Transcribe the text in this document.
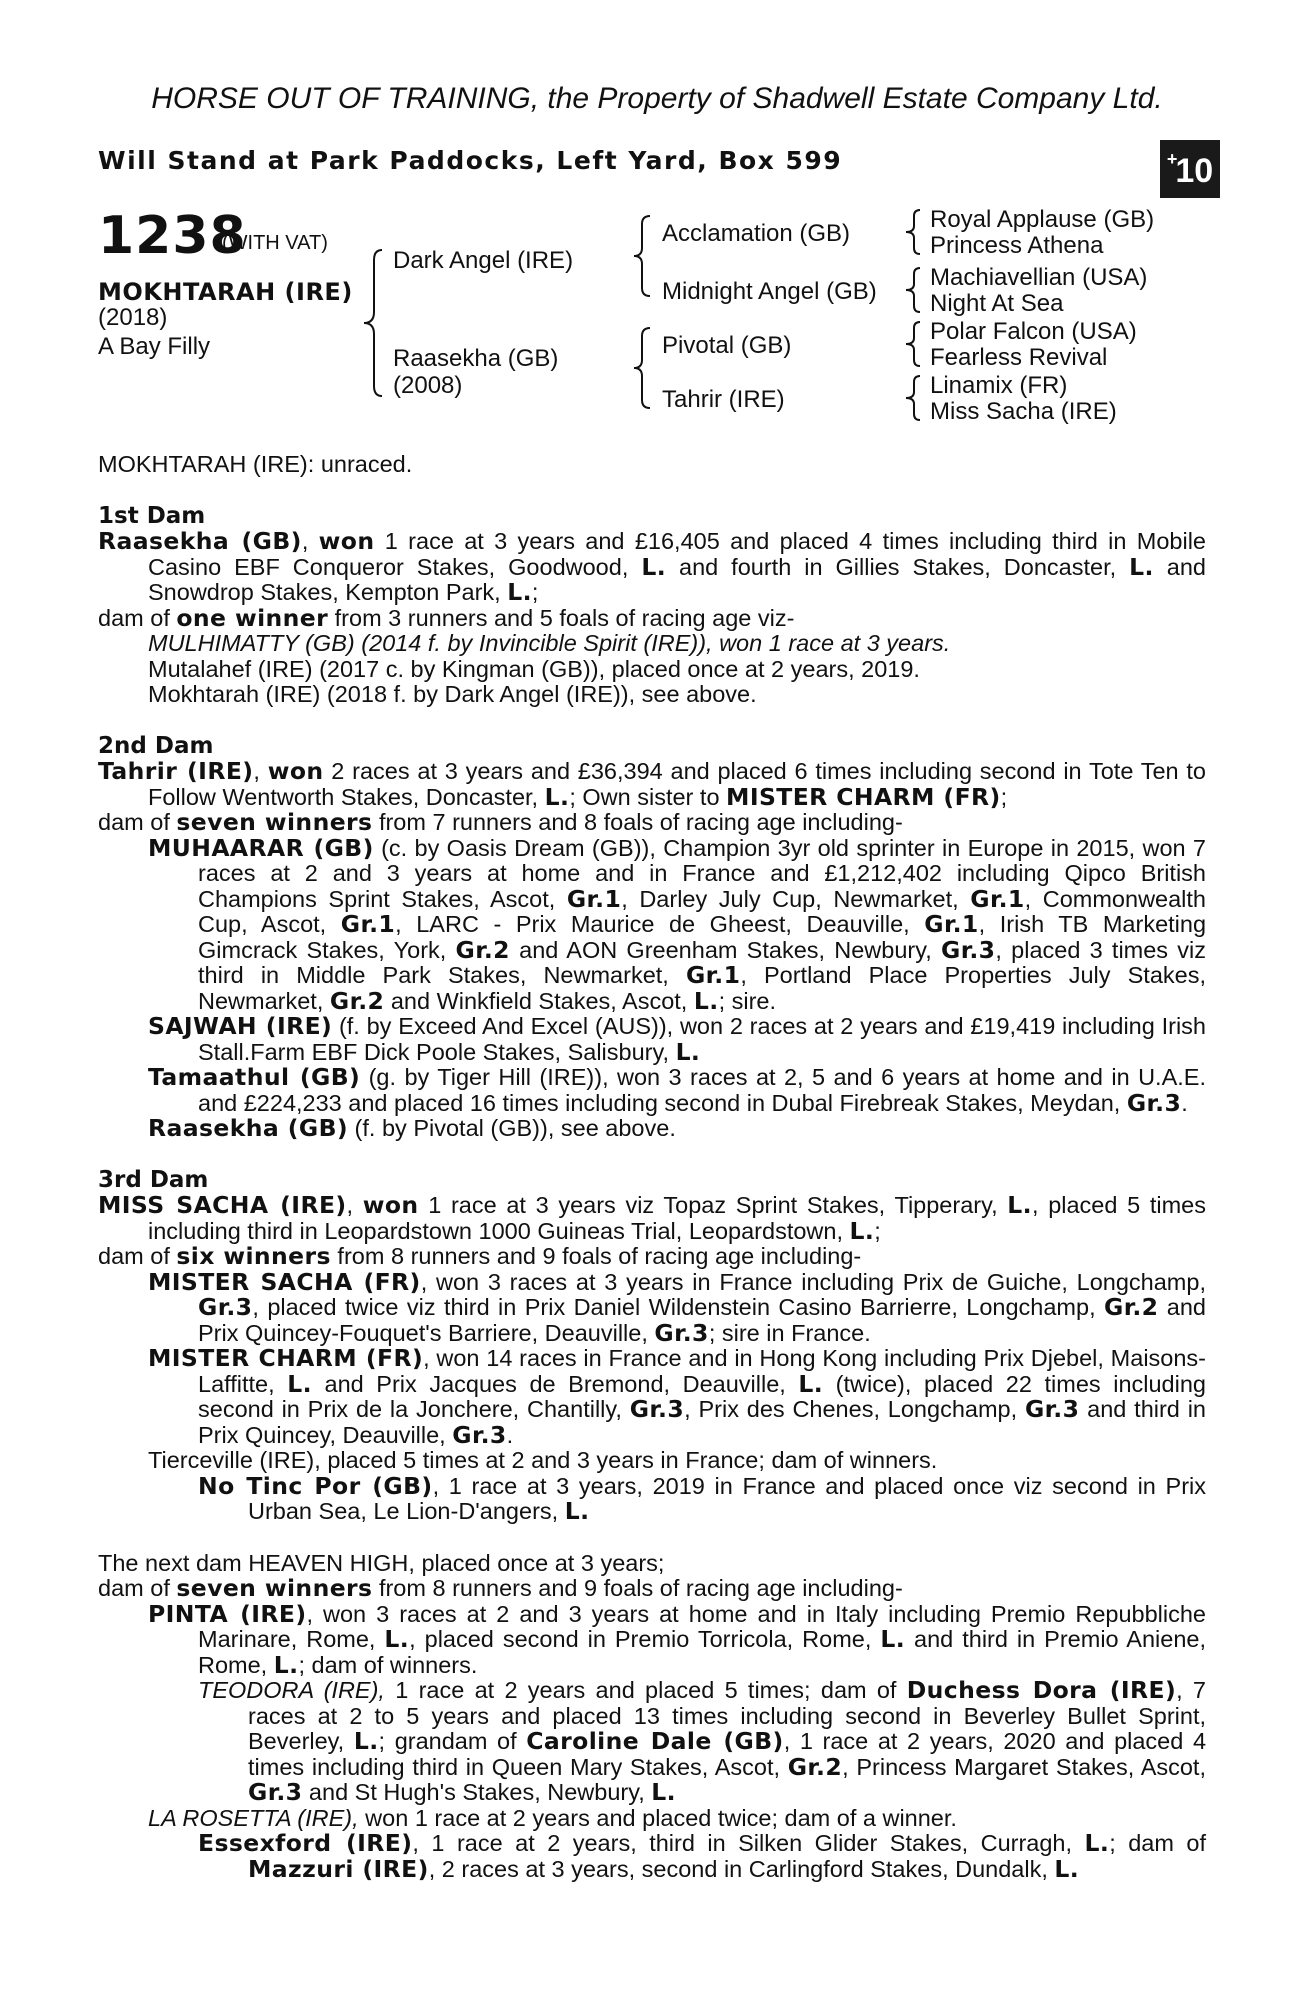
HORSE OUT OF TRAINING, the Property of Shadwell Estate Company Ltd.
Will Stand at Park Paddocks, Left Yard, Box 599	+
10
1238
(WITH VAT)
MOKHTARAH (IRE)
(2018)
A Bay Filly
Dark Angel (IRE)
Raasekha (GB)
(2008)
Acclamation (GB)
Midnight Angel (GB)
Pivotal (GB)
Tahrir (IRE)
Royal Applause (GB)
Princess Athena
Machiavellian (USA)
Night At Sea
Polar Falcon (USA)
Fearless Revival
Linamix (FR)
Miss Sacha (IRE)

MOKHTARAH (IRE): unraced.

1st Dam

Raasekha (GB), won 1 race at 3 years and £16,405 and placed 4 times including third in Mobile Casino EBF Conqueror Stakes, Goodwood, L. and fourth in Gillies Stakes, Doncaster, L. and Snowdrop Stakes, Kempton Park, L.;

dam of one winner from 3 runners and 5 foals of racing age viz-

MULHIMATTY (GB) (2014 f. by Invincible Spirit (IRE)), won 1 race at 3 years.

Mutalahef (IRE) (2017 c. by Kingman (GB)), placed once at 2 years, 2019.

Mokhtarah (IRE) (2018 f. by Dark Angel (IRE)), see above.

2nd Dam

Tahrir (IRE), won 2 races at 3 years and £36,394 and placed 6 times including second in Tote Ten to Follow Wentworth Stakes, Doncaster, L.; Own sister to MISTER CHARM (FR);

dam of seven winners from 7 runners and 8 foals of racing age including-

MUHAARAR (GB) (c. by Oasis Dream (GB)), Champion 3yr old sprinter in Europe in 2015, won 7 races at 2 and 3 years at home and in France and £1,212,402 including Qipco British Champions Sprint Stakes, Ascot, Gr.1, Darley July Cup, Newmarket, Gr.1, Commonwealth Cup, Ascot, Gr.1, LARC - Prix Maurice de Gheest, Deauville, Gr.1, Irish TB Marketing Gimcrack Stakes, York, Gr.2 and AON Greenham Stakes, Newbury, Gr.3, placed 3 times viz third in Middle Park Stakes, Newmarket, Gr.1, Portland Place Properties July Stakes, Newmarket, Gr.2 and Winkfield Stakes, Ascot, L.; sire.

SAJWAH (IRE) (f. by Exceed And Excel (AUS)), won 2 races at 2 years and £19,419 including Irish Stall.Farm EBF Dick Poole Stakes, Salisbury, L.

Tamaathul (GB) (g. by Tiger Hill (IRE)), won 3 races at 2, 5 and 6 years at home and in U.A.E. and £224,233 and placed 16 times including second in Dubal Firebreak Stakes, Meydan, Gr.3.

Raasekha (GB) (f. by Pivotal (GB)), see above.

3rd Dam

MISS SACHA (IRE), won 1 race at 3 years viz Topaz Sprint Stakes, Tipperary, L., placed 5 times including third in Leopardstown 1000 Guineas Trial, Leopardstown, L.;

dam of six winners from 8 runners and 9 foals of racing age including-

MISTER SACHA (FR), won 3 races at 3 years in France including Prix de Guiche, Longchamp, Gr.3, placed twice viz third in Prix Daniel Wildenstein Casino Barrierre, Longchamp, Gr.2 and Prix Quincey-Fouquet's Barriere, Deauville, Gr.3; sire in France.

MISTER CHARM (FR), won 14 races in France and in Hong Kong including Prix Djebel, Maisons-Laffitte, L. and Prix Jacques de Bremond, Deauville, L. (twice), placed 22 times including second in Prix de la Jonchere, Chantilly, Gr.3, Prix des Chenes, Longchamp, Gr.3 and third in Prix Quincey, Deauville, Gr.3.

Tierceville (IRE), placed 5 times at 2 and 3 years in France; dam of winners.

No Tinc Por (GB), 1 race at 3 years, 2019 in France and placed once viz second in Prix Urban Sea, Le Lion-D'angers, L.

The next dam HEAVEN HIGH, placed once at 3 years;

dam of seven winners from 8 runners and 9 foals of racing age including-

PINTA (IRE), won 3 races at 2 and 3 years at home and in Italy including Premio Repubbliche Marinare, Rome, L., placed second in Premio Torricola, Rome, L. and third in Premio Aniene, Rome, L.; dam of winners.

TEODORA (IRE), 1 race at 2 years and placed 5 times; dam of Duchess Dora (IRE), 7 races at 2 to 5 years and placed 13 times including second in Beverley Bullet Sprint, Beverley, L.; grandam of Caroline Dale (GB), 1 race at 2 years, 2020 and placed 4 times including third in Queen Mary Stakes, Ascot, Gr.2, Princess Margaret Stakes, Ascot, Gr.3 and St Hugh's Stakes, Newbury, L.

LA ROSETTA (IRE), won 1 race at 2 years and placed twice; dam of a winner.

Essexford (IRE), 1 race at 2 years, third in Silken Glider Stakes, Curragh, L.; dam of Mazzuri (IRE), 2 races at 3 years, second in Carlingford Stakes, Dundalk, L.
